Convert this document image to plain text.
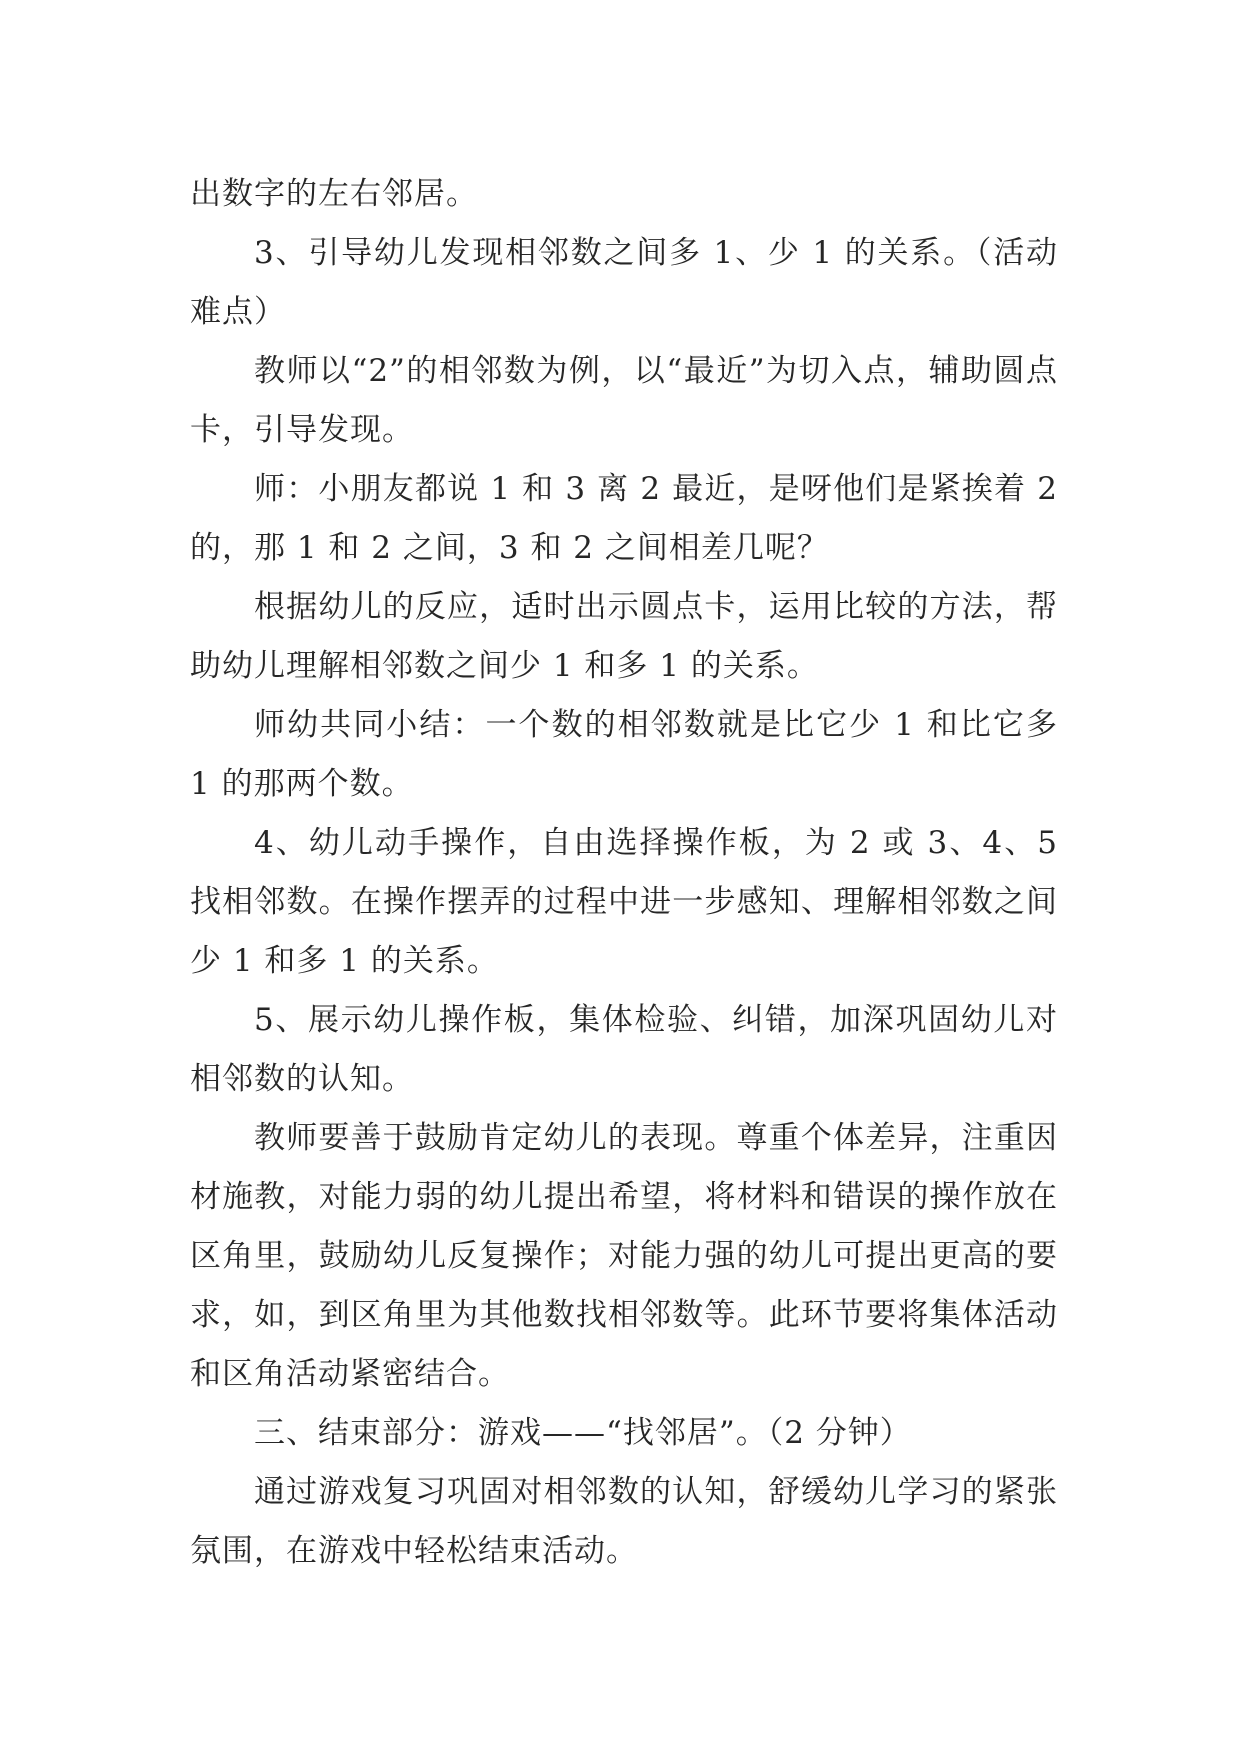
出数字的左右邻居。

3、引导幼儿发现相邻数之间多 1、少 1 的关系。（活动难点）

教师以“2”的相邻数为例，以“最近”为切入点，辅助圆点卡，引导发现。

师：小朋友都说 1 和 3 离 2 最近，是呀他们是紧挨着 2 的，那 1 和 2 之间，3 和 2 之间相差几呢？

根据幼儿的反应，适时出示圆点卡，运用比较的方法，帮助幼儿理解相邻数之间少 1 和多 1 的关系。

师幼共同小结：一个数的相邻数就是比它少 1 和比它多 1 的那两个数。

4、幼儿动手操作，自由选择操作板，为 2 或 3、4、5 找相邻数。在操作摆弄的过程中进一步感知、理解相邻数之间少 1 和多 1 的关系。

5、展示幼儿操作板，集体检验、纠错，加深巩固幼儿对相邻数的认知。

教师要善于鼓励肯定幼儿的表现。尊重个体差异，注重因材施教，对能力弱的幼儿提出希望，将材料和错误的操作放在区角里，鼓励幼儿反复操作；对能力强的幼儿可提出更高的要求，如，到区角里为其他数找相邻数等。此环节要将集体活动和区角活动紧密结合。

三、结束部分：游戏——“找邻居”。（2 分钟）

通过游戏复习巩固对相邻数的认知，舒缓幼儿学习的紧张氛围，在游戏中轻松结束活动。
